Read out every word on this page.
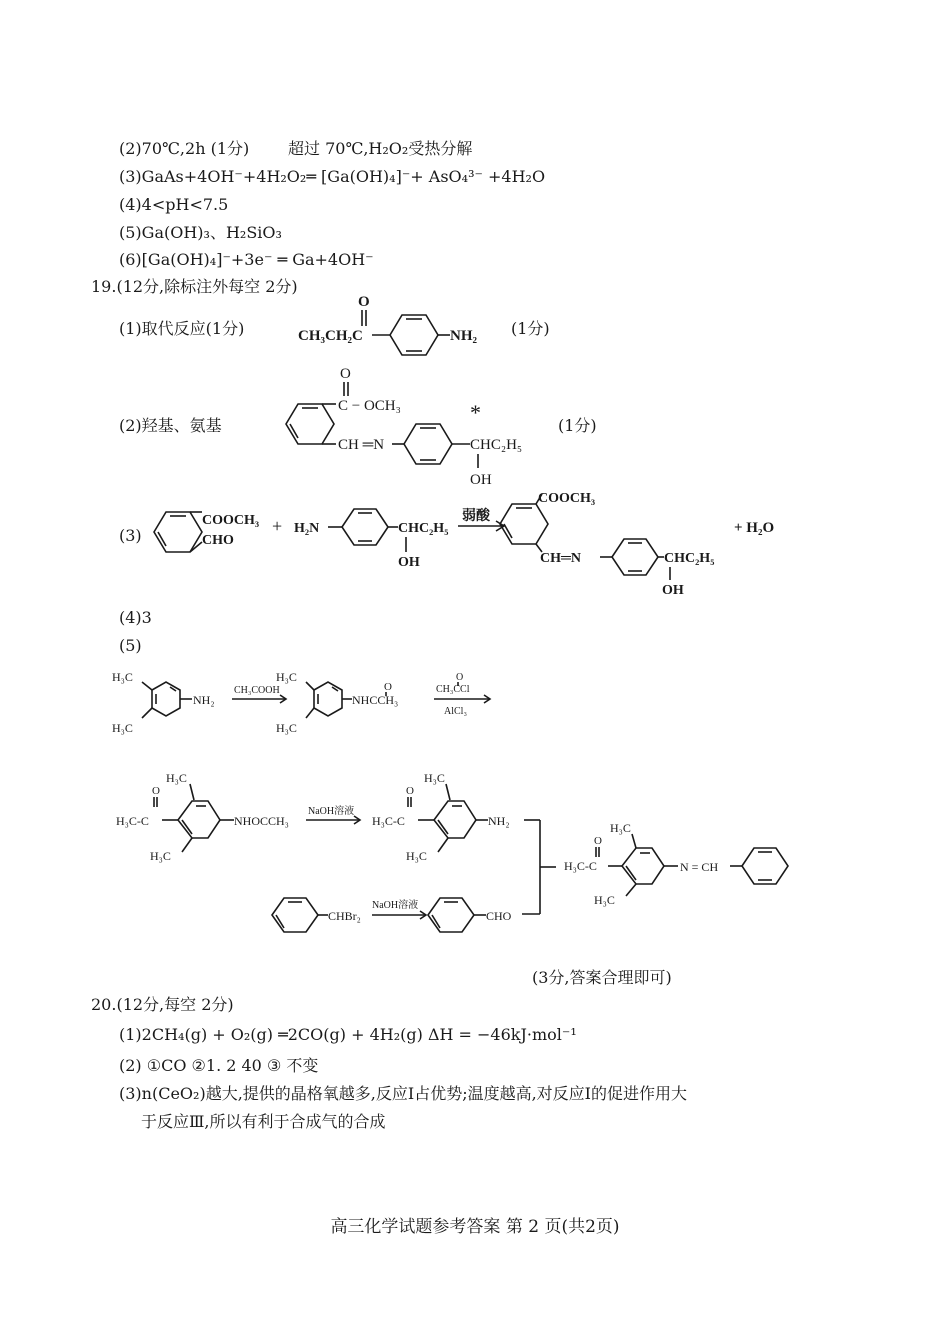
(2)70℃,2h (1分) 超过 70℃,H₂O₂受热分解
(3)GaAs+4OH⁻+4H₂O₂═ [Ga(OH)₄]⁻+ AsO₄³⁻ +4H₂O
(4)4<pH<7.5
(5)Ga(OH)₃、H₂SiO₃
(6)[Ga(OH)₄]⁻+3e⁻ ═ Ga+4OH⁻
19.(12分,除标注外每空 2分)
(1)取代反应(1分)	CH₃CH₂C
O
NH₂ (1分)
(2)羟基、氨基
O
C − OCH₃
CH ═N
*
CHC₂H₅
OH
(1分)
(3)
COOCH₃
CHO
+ H₂N	CHC₂H₅
OH
弱酸
COOCH₃
CH═N	CHC₂H₅
OH
+ H₂O
(4)3
(5)
H₃C
NH₂
H₃C
CH₃COOH
H₃C
NHCCH₃
O
H₃C
O
CH₃CCl
AlCl₃
H₃C
O
H₃C-C	NHOCCH₃
H₃C
NaOH溶液
H₃C
O
H₃C-C	NH₂
H₃C
CHBr₂
NaOH溶液
CHO
H₃C
O
H₃C-C	N = CH
H₃C
(3分,答案合理即可)
20.(12分,每空 2分)
(1)2CH₄(g) + O₂(g) ═2CO(g) + 4H₂(g) ΔH = −46kJ·mol⁻¹
(2) ①CO ②1. 2 40 ③ 不变
(3)n(CeO₂)越大,提供的晶格氧越多,反应Ⅰ占优势;温度越高,对反应Ⅰ的促进作用大
于反应Ⅲ,所以有利于合成气的合成
高三化学试题参考答案 第 2 页(共2页)
